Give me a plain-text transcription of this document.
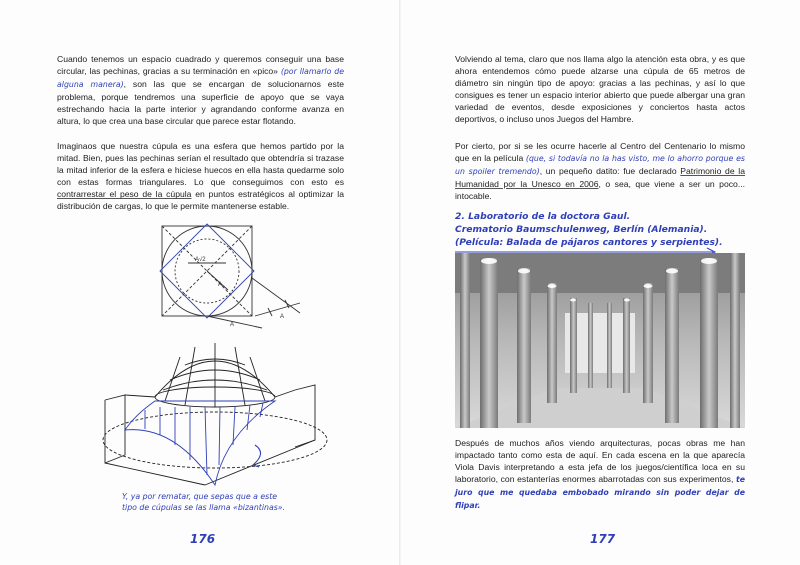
Cuando tenemos un espacio cuadrado y queremos conseguir una base circular, las pechinas, gracias a su terminación en «pico» (por llamarlo de alguna manera), son las que se encargan de solucionarnos este problema, porque tendremos una superficie de apoyo que se vaya estrechando hacia la parte interior y agrandando conforme avanza en altura, lo que crea una base circular que parece estar flotando.

Imaginaos que nuestra cúpula es una esfera que hemos partido por la mitad. Bien, pues las pechinas serían el resultado que obtendría si trazase la mitad inferior de la esfera e hiciese huecos en ella hasta quedarme solo con estas formas triangulares. Lo que conseguimos con esto es contrarrestar el peso de la cúpula en puntos estratégicos al optimizar la distribución de cargas, lo que le permite mantenerse estable.

A√2
A
A
A
Y, ya por rematar, que sepas que a este
tipo de cúpulas se las llama «bizantinas».
176

Volviendo al tema, claro que nos llama algo la atención esta obra, y es que ahora entendemos cómo puede alzarse una cúpula de 65 metros de diámetro sin ningún tipo de apoyo: gracias a las pechinas, y así lo que consigues es tener un espacio interior abierto que puede albergar una gran variedad de eventos, desde exposiciones y conciertos hasta actos deportivos, o incluso unos Juegos del Hambre.

Por cierto, por si se les ocurre hacerle al Centro del Centenario lo mismo que en la película (que, si todavía no la has visto, me lo ahorro porque es un spoiler tremendo), un pequeño datito: fue declarado Patrimonio de la Humanidad por la Unesco en 2006, o sea, que viene a ser un poco... intocable.

2. Laboratorio de la doctora Gaul.
Crematorio Baumschulenweg, Berlín (Alemania).
(Película: Balada de pájaros cantores y serpientes).

Después de muchos años viendo arquitecturas, pocas obras me han impactado tanto como esta de aquí. En cada escena en la que aparecía Viola Davis interpretando a esta jefa de los juegos/científica loca en su laboratorio, con estanterías enormes abarrotadas con sus experimentos, te juro que me quedaba embobado mirando sin poder dejar de flipar.

177
